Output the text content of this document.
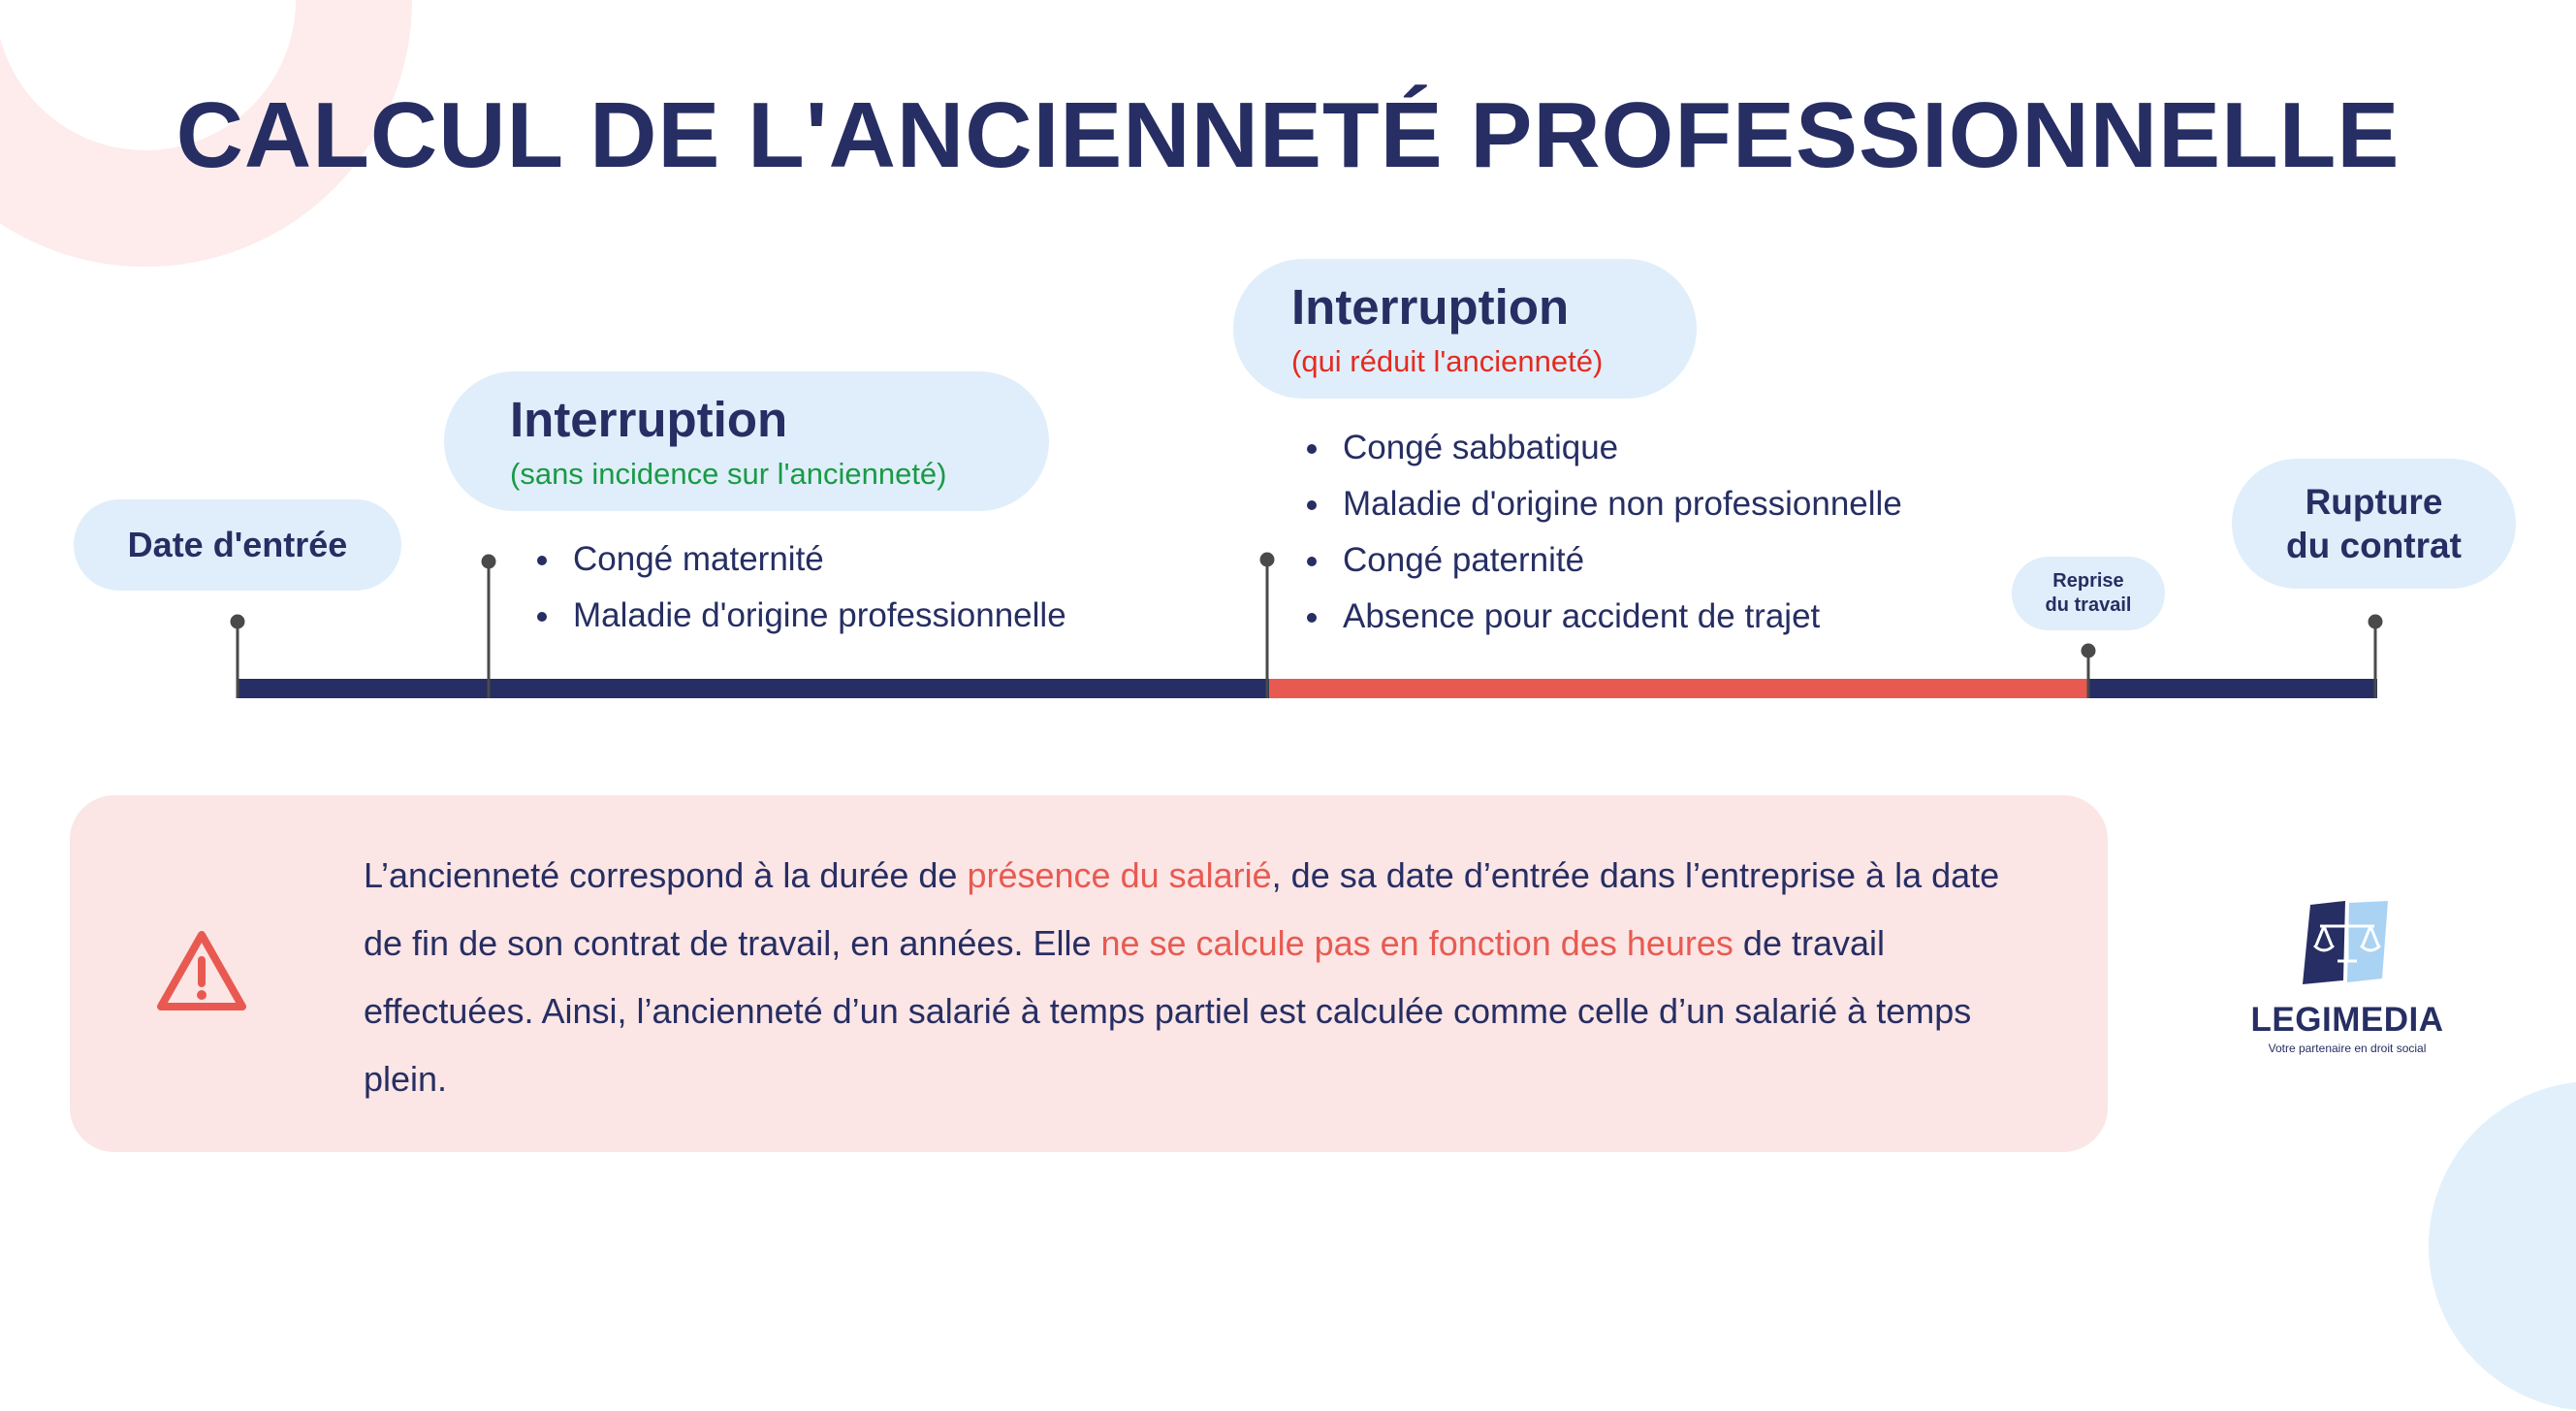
CALCUL DE L'ANCIENNETÉ PROFESSIONNELLE
Date d'entrée
Interruption
(sans incidence sur l'ancienneté)
Congé maternité
Maladie d'origine professionnelle
Interruption
(qui réduit l'ancienneté)
Congé sabbatique
Maladie d'origine non professionnelle
Congé paternité
Absence pour accident de trajet
Reprise
du travail
Rupture
du contrat

L’ancienneté correspond à la durée de présence du salarié, de sa date d’entrée dans l’entreprise à la date de fin de son contrat de travail, en années. Elle ne se calcule pas en fonction des heures de travail effectuées. Ainsi, l’ancienneté d’un salarié à temps partiel est calculée comme celle d’un salarié à temps plein.

LEGIMEDIA
Votre partenaire en droit social
